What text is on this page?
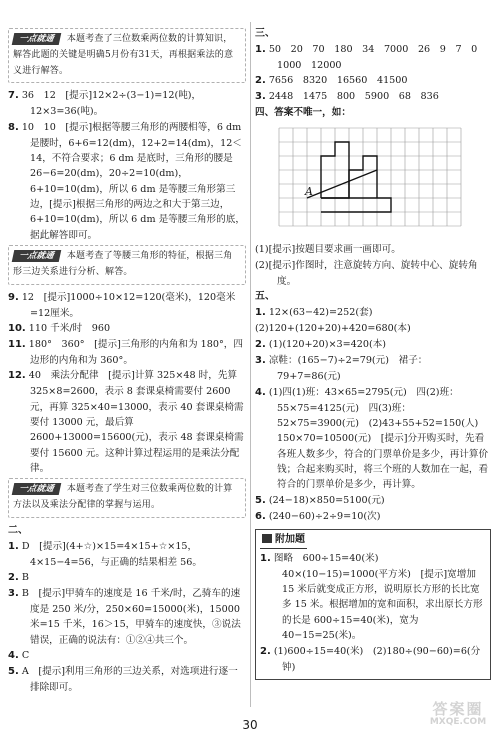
一点就通 本题考查了三位数乘两位数的计算知识，解答此题的关键是明确5月份有31天，再根据乘法的意义进行解答。

7. 36　12　[提示]12×2÷(3−1)=12(吨)，12×3=36(吨)。

8. 10　10　[提示]根据等腰三角形的两腰相等，6 dm 是腰时，6+6=12(dm)，12+2=14(dm)，12＜14，不符合要求；6 dm 是底时，三角形的腰是 26−6=20(dm)，20÷2=10(dm)，6+10=10(dm)，所以 6 dm 是等腰三角形第三边，[提示]根据三角形的两边之和大于第三边，6+10=10(dm)，所以 6 dm 是等腰三角形的底，据此解答即可。

一点就通 本题考查了等腰三角形的特征，根据三角形三边关系进行分析、解答。

9. 12　[提示]1000÷10×12=120(毫米)，120毫米=12厘米。

10. 110 千米/时　960

11. 180°　360°　[提示]三角形的内角和为 180°，四边形的内角和为 360°。

12. 40　乘法分配律　[提示]计算 325×48 时，先算 325×8=2600，表示 8 套课桌椅需要付 2600 元，再算 325×40=13000，表示 40 套课桌椅需要付 13000 元，最后算 2600+13000=15600(元)，表示 48 套课桌椅需要付 15600 元。这种计算过程运用的是乘法分配律。

一点就通 本题考查了学生对三位数乘两位数的计算方法以及乘法分配律的掌握与运用。
二、

1. D　[提示](4+☆)×15=4×15+☆×15，4×15−4=56，与正确的结果相差 56。

2. B

3. B　[提示]甲骑车的速度是 16 千米/时，乙骑车的速度是 250 米/分，250×60=15000(米)，15000 米=15 千米，16＞15，甲骑车的速度快，③说法错误，正确的说法有：①②④共三个。

4. C

5. A　[提示]利用三角形的三边关系，对选项进行逐一排除即可。

三、

1. 50　20　70　180　34　7000　26　9　7　0　1000　12000

2. 7656　8320　16560　41500

3. 2448　1475　800　5900　68　836

四、答案不唯一，如：
A

(1)[提示]按题目要求画一画即可。

(2)[提示]作图时，注意旋转方向、旋转中心、旋转角度。

五、

1. 12×(63−42)=252(套)

(2)120+(120+20)+420=680(本)

2. (1)(120+20)×3=420(本)

3. 凉鞋：(165−7)÷2=79(元)　裙子：79+7=86(元)

4. (1)四(1)班：43×65=2795(元)　四(2)班：55×75=4125(元)　四(3)班：52×75=3900(元)　(2)43+55+52=150(人)　150×70=10500(元)　[提示]分开购买时，先看各班人数多少，符合的门票单价是多少，再计算价钱；合起来购买时，将三个班的人数加在一起，看符合的门票单价是多少，再计算。

5. (24−18)×850=5100(元)

6. (240−60)÷2÷9=10(次)

附加题

1. 图略　600÷15=40(米)　40×(10−15)=1000(平方米)　[提示]宽增加 15 米后就变成正方形，说明原长方形的长比宽多 15 米。根据增加的宽和面积，求出原长方形的长是 600÷15=40(米)，宽为 40−15=25(米)。

2. (1)600÷15=40(米)　(2)180÷(90−60)=6(分钟)

30
答案圈
MXQE.COM
